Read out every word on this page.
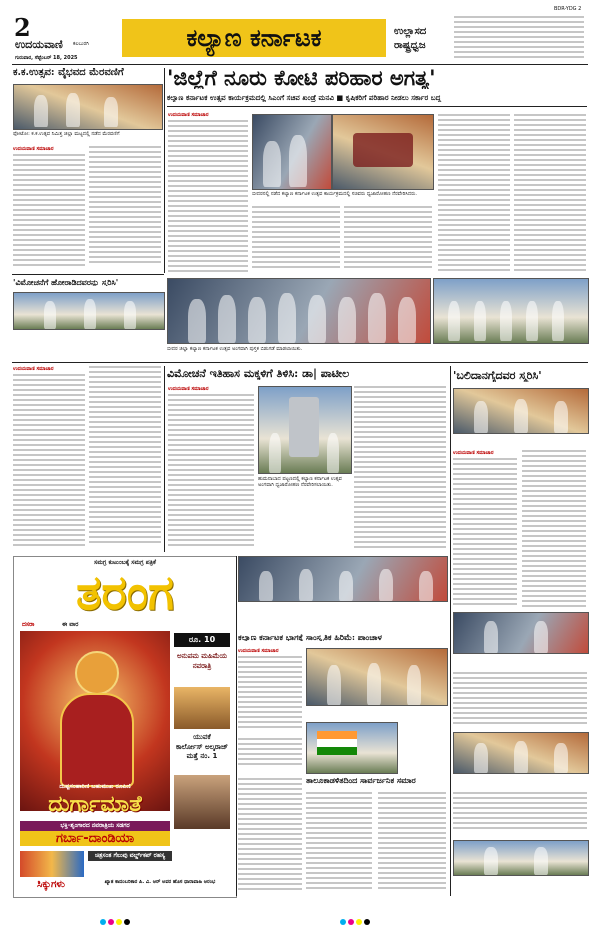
2
ಉದಯವಾಣಿ ಕಲಬುರಗಿ
ಗುರುವಾರ, ಸೆಪ್ಟೆಂಬರ್ 18, 2025
ಕಲ್ಯಾಣ ಕರ್ನಾಟಕ	ಉಲ್ಲಾಸದ
ರಾಷ್ಟ್ರಧ್ವಜ
BDR-YDG 2
ಕ.ಕ.ಉತ್ಸವ: ವೈಭವದ ಮೆರವಣಿಗೆ
ಫೋಟೋ: ಕ.ಕ.ಉತ್ಸವ ನಿಮಿತ್ತ ಜಿಲ್ಲಾ ಮಟ್ಟದಲ್ಲಿ ನಡೆದ ಮೆರವಣಿಗೆ
ಉದಯವಾಣಿ ಸಮಾಚಾರ
'ಜಿಲ್ಲೆಗೆ ನೂರು ಕೋಟಿ ಪರಿಹಾರ ಅಗತ್ಯ'
ಕಲ್ಯಾಣ ಕರ್ನಾಟಕ ಉತ್ಸವ ಕಾರ್ಯಕ್ರಮದಲ್ಲಿ ಸಿಎಂಗೆ ಸಚಿವ ಖಂಡ್ರೆ ಮನವಿ ■ ಕೃಷಿಕರಿಗೆ ಪರಿಹಾರ ನೀಡಲು ಸರ್ಕಾರ ಬದ್ಧ
ಉದಯವಾಣಿ ಸಮಾಚಾರ
ಬೀದರನಲ್ಲಿ ನಡೆದ ಕಲ್ಯಾಣ ಕರ್ನಾಟಕ ಉತ್ಸವ ಕಾರ್ಯಕ್ರಮದಲ್ಲಿ ಸಚಿವರು ಧ್ವಜಾರೋಹಣ ನೆರವೇರಿಸಿದರು.
'ವಿಮೋಚನೆಗೆ ಹೋರಾಡಿದವರನ್ನು ಸ್ಮರಿಸಿ'
ಬೀದರ ಜಿಲ್ಲಾ ಕಲ್ಯಾಣ ಕರ್ನಾಟಕ ಉತ್ಸವ ಅಂಗವಾಗಿ ಪುಸ್ತಕ ಬಿಡುಗಡೆ ಮಾಡಲಾಯಿತು.
ಉದಯವಾಣಿ ಸಮಾಚಾರ	ವಿಮೋಚನೆ ಇತಿಹಾಸ ಮಕ್ಕಳಿಗೆ ತಿಳಿಸಿ: ಡಾ| ಪಾಟೀಲ
ಉದಯವಾಣಿ ಸಮಾಚಾರ
ಹುಮನಾಬಾದ ಪಟ್ಟಣದಲ್ಲಿ ಕಲ್ಯಾಣ ಕರ್ನಾಟಕ ಉತ್ಸವ ಅಂಗವಾಗಿ ಧ್ವಜಾರೋಹಣ ನೆರವೇರಿಸಲಾಯಿತು.
'ಬಲಿದಾನಗೈದವರ ಸ್ಮರಿಸಿ'
ಉದಯವಾಣಿ ಸಮಾಚಾರ
ಕಲ್ಯಾಣ ಕರ್ನಾಟಕ ಭಾಗಕ್ಕೆ ಸಾಂಸ್ಕೃತಿಕ ಹಿರಿಮೆ: ಪಾಂಚಾಳ
ಉದಯವಾಣಿ ಸಮಾಚಾರ
ತಾಲೂಕಾಡಳಿತದಿಂದ ಸಾರ್ವರ್ಜನಿಕ ಸಮಾರ
ಸಮಗ್ರ ಕುಟುಂಬಕ್ಕೆ ಸಮಗ್ರ ಪತ್ರಿಕೆ
ತರಂಗ
ಈ ವಾರ
ದಸರಾ
ರೂ. 10
ಅನುಪಮ ಮಹಿಮೆಯ ನವರಾತ್ರಿ
ಯುವಕೆ
ಕಾರ್ಲೋಸ್ ಅಲ್ಕರಾಜ್ ಮತ್ತೆ ನಂ. 1
ದುಷ್ಟಸಂಹಾರಿಣಿ ಬಹುಮುಖ ರೂಪಿಣಿ
ದುರ್ಗಾಮಾತೆ
ಭಕ್ತಿ-ಶೃಂಗಾರದ ನವರಾತ್ರಿಯ ಸಡಗರ
ಗರ್ಬಾ-ದಾಂಡಿಯಾ
ಚಿತ್ರಸಂತ ಗೆಲುವು ವರ್ಲ್ಡ್‌ಕಪ್ ರಹಸ್ಯ
ಸಿಕ್ಕುಗಳು	ಖ್ಯಾತ ಕಾದಂಬರಿಕಾರ ಪಿ. ವಿ. ಆರ್ ಅವರ ಹೊಸ ಧಾರಾವಾಹಿ ಆರಂಭ
